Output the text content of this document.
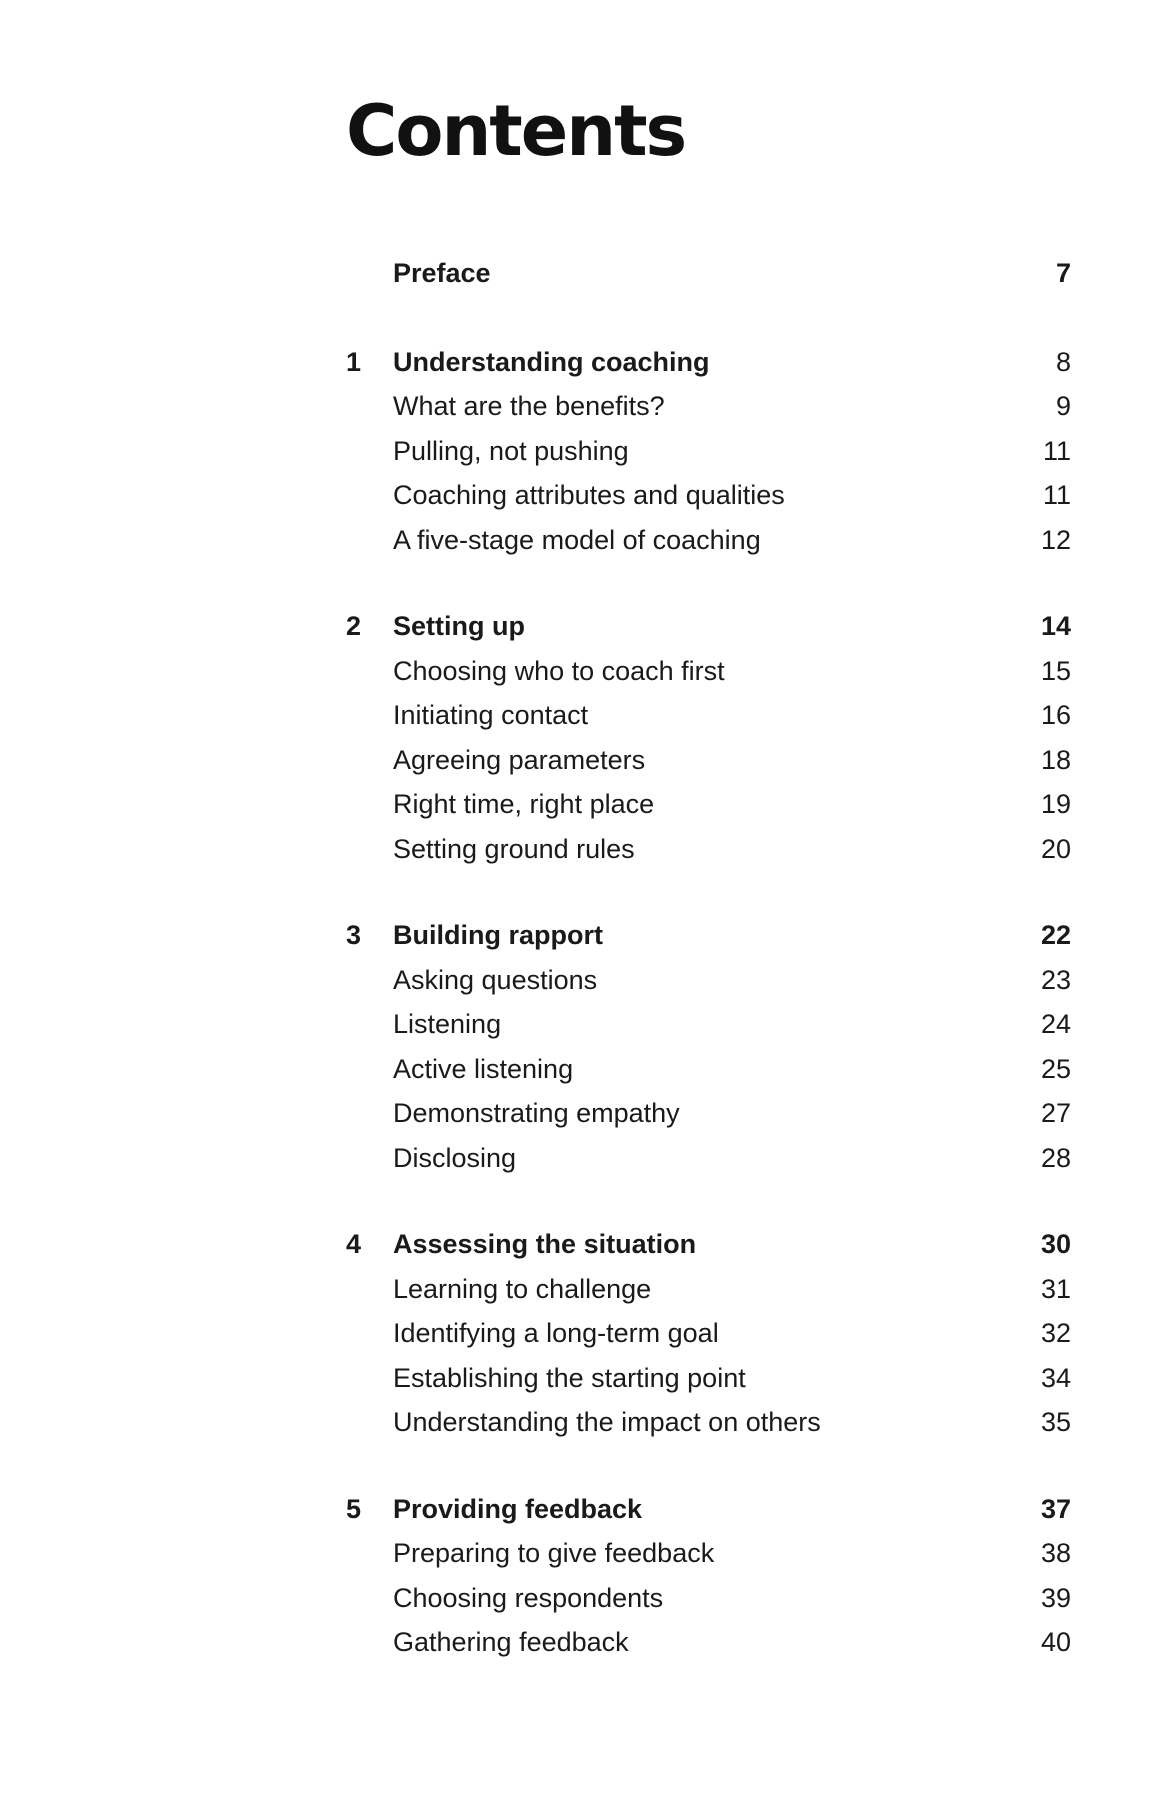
Contents
Preface	7
1	Understanding coaching	8
What are the benefits?	9
Pulling, not pushing	11
Coaching attributes and qualities	11
A five-stage model of coaching	12
2	Setting up	14
Choosing who to coach first	15
Initiating contact	16
Agreeing parameters	18
Right time, right place	19
Setting ground rules	20
3	Building rapport	22
Asking questions	23
Listening	24
Active listening	25
Demonstrating empathy	27
Disclosing	28
4	Assessing the situation	30
Learning to challenge	31
Identifying a long-term goal	32
Establishing the starting point	34
Understanding the impact on others	35
5	Providing feedback	37
Preparing to give feedback	38
Choosing respondents	39
Gathering feedback	40
